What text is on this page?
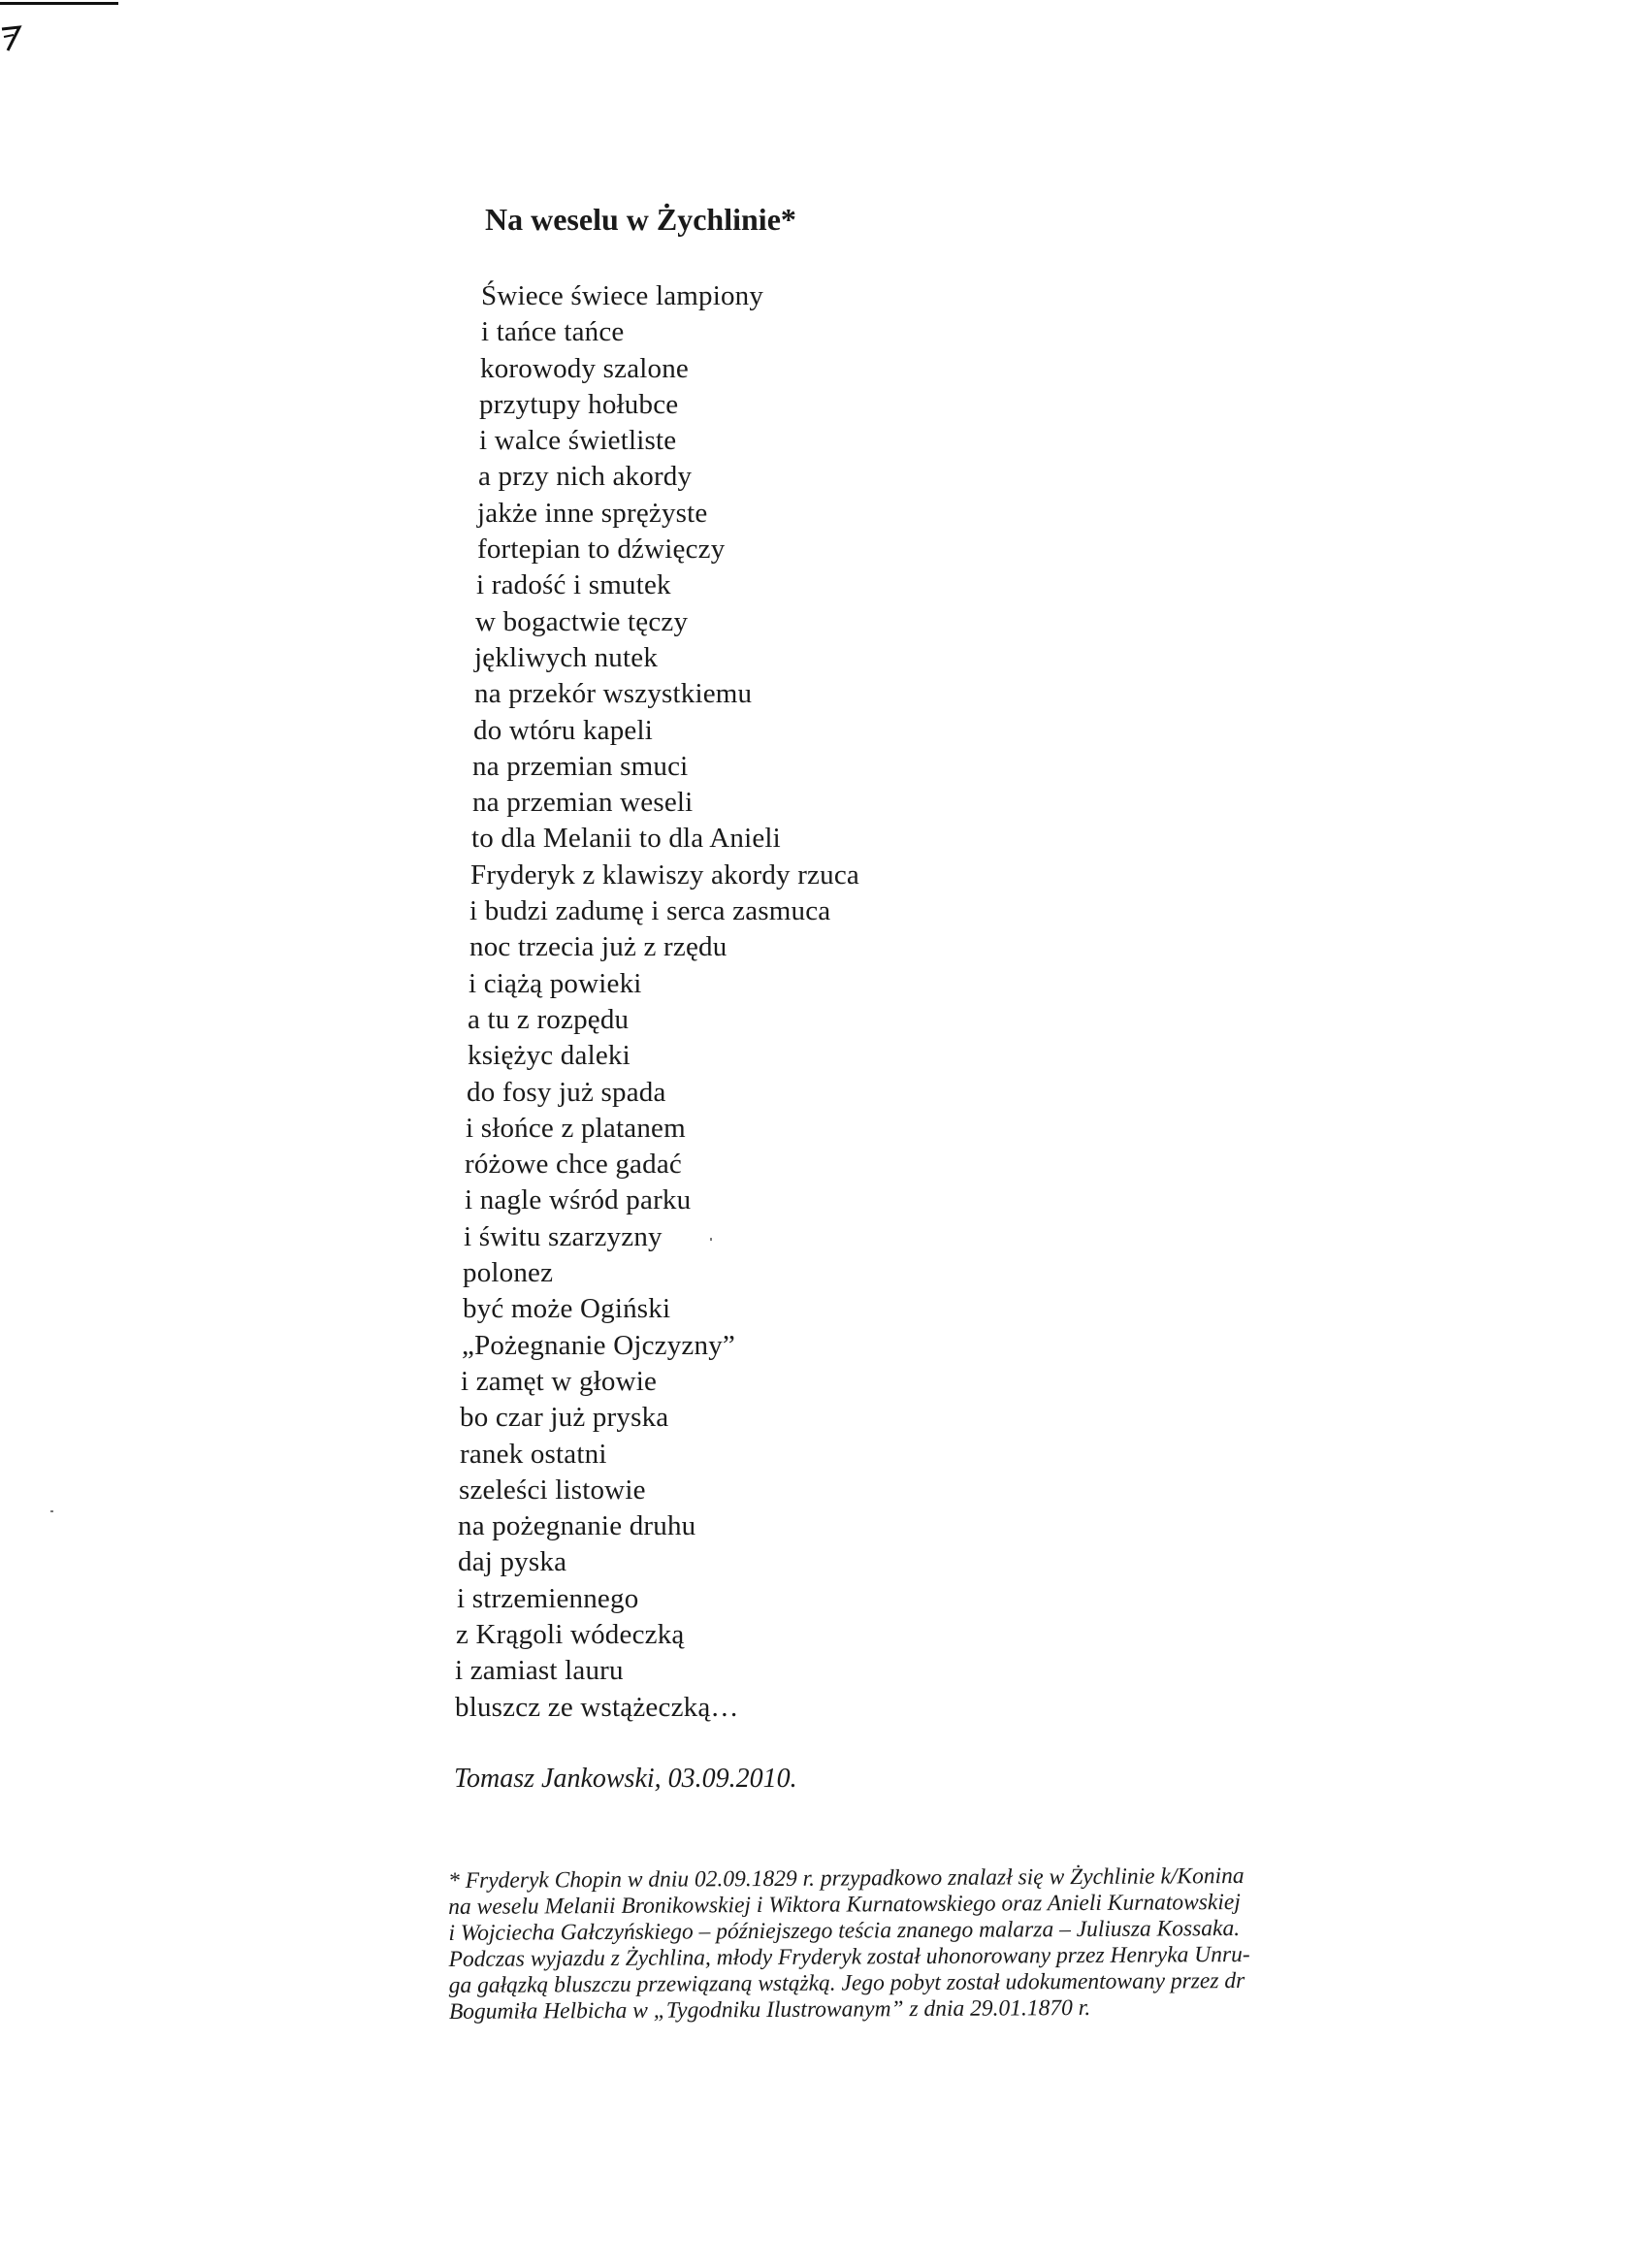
Na weselu w Żychlinie*
Świece świece lampiony
i tańce tańce
korowody szalone
przytupy hołubce
i walce świetliste
a przy nich akordy
jakże inne sprężyste
fortepian to dźwięczy
i radość i smutek
w bogactwie tęczy
jękliwych nutek
na przekór wszystkiemu
do wtóru kapeli
na przemian smuci
na przemian weseli
to dla Melanii to dla Anieli
Fryderyk z klawiszy akordy rzuca
i budzi zadumę i serca zasmuca
noc trzecia już z rzędu
i ciążą powieki
a tu z rozpędu
księżyc daleki
do fosy już spada
i słońce z platanem
różowe chce gadać
i nagle wśród parku
i świtu szarzyzny
polonez
być może Ogiński
„Pożegnanie Ojczyzny”
i zamęt w głowie
bo czar już pryska
ranek ostatni
szeleści listowie
na pożegnanie druhu
daj pyska
i strzemiennego
z Krągoli wódeczką
i zamiast lauru
bluszcz ze wstążeczką…
Tomasz Jankowski, 03.09.2010.
* Fryderyk Chopin w dniu 02.09.1829 r. przypadkowo znalazł się w Żychlinie k/Konina
na weselu Melanii Bronikowskiej i Wiktora Kurnatowskiego oraz Anieli Kurnatowskiej
i Wojciecha Gałczyńskiego – późniejszego teścia znanego malarza – Juliusza Kossaka.
Podczas wyjazdu z Żychlina, młody Fryderyk został uhonorowany przez Henryka Unru-
ga gałązką bluszczu przewiązaną wstążką. Jego pobyt został udokumentowany przez dr
Bogumiła Helbicha w „Tygodniku Ilustrowanym” z dnia 29.01.1870 r.
